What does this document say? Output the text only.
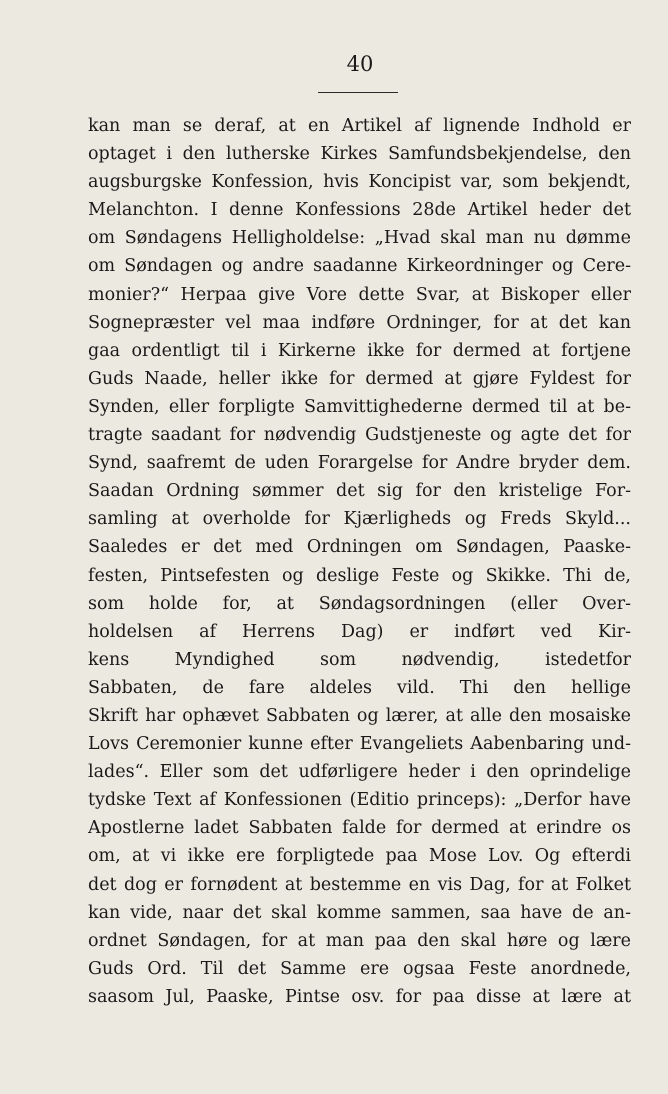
40
kan man se deraf, at en Artikel af lignende Indhold er
optaget i den lutherske Kirkes Samfundsbekjendelse, den
augsburgske Konfession, hvis Koncipist var, som bekjendt,
Melanchton. I denne Konfessions 28de Artikel heder det
om Søndagens Helligholdelse: „Hvad skal man nu dømme
om Søndagen og andre saadanne Kirkeordninger og Cere-
monier?“ Herpaa give Vore dette Svar, at Biskoper eller
Sognepræster vel maa indføre Ordninger, for at det kan
gaa ordentligt til i Kirkerne ikke for dermed at fortjene
Guds Naade, heller ikke for dermed at gjøre Fyldest for
Synden, eller forpligte Samvittighederne dermed til at be-
tragte saadant for nødvendig Gudstjeneste og agte det for
Synd, saafremt de uden Forargelse for Andre bryder dem.
Saadan Ordning sømmer det sig for den kristelige For-
samling at overholde for Kjærligheds og Freds Skyld...
Saaledes er det med Ordningen om Søndagen, Paaske-
festen, Pintsefesten og deslige Feste og Skikke. Thi de,
som holde for, at Søndagsordningen (eller Over-
holdelsen af Herrens Dag) er indført ved Kir-
kens Myndighed som nødvendig, istedetfor
Sabbaten, de fare aldeles vild. Thi den hellige
Skrift har ophævet Sabbaten og lærer, at alle den mosaiske
Lovs Ceremonier kunne efter Evangeliets Aabenbaring und-
lades“. Eller som det udførligere heder i den oprindelige
tydske Text af Konfessionen (Editio princeps): „Derfor have
Apostlerne ladet Sabbaten falde for dermed at erindre os
om, at vi ikke ere forpligtede paa Mose Lov. Og efterdi
det dog er fornødent at bestemme en vis Dag, for at Folket
kan vide, naar det skal komme sammen, saa have de an-
ordnet Søndagen, for at man paa den skal høre og lære
Guds Ord. Til det Samme ere ogsaa Feste anordnede,
saasom Jul, Paaske, Pintse osv. for paa disse at lære at
